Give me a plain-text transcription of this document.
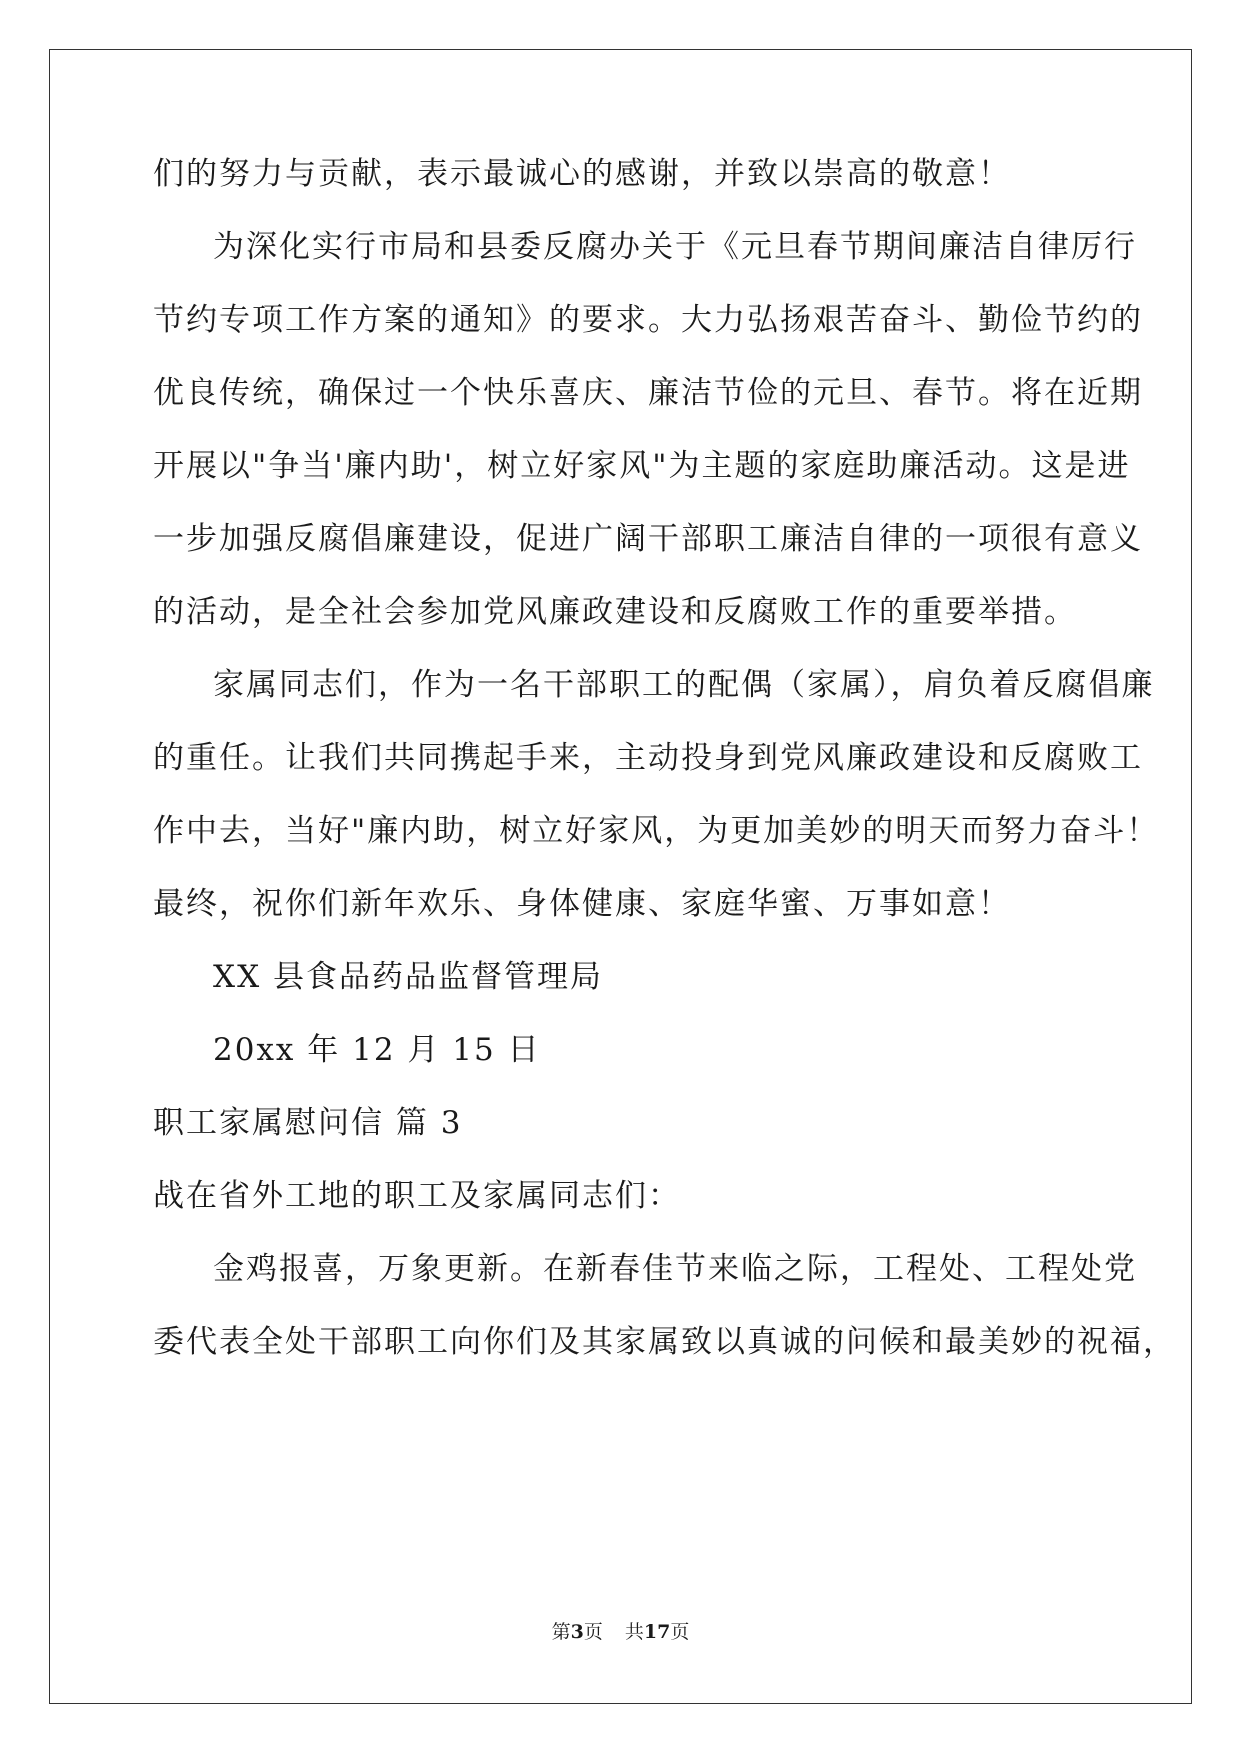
们的努力与贡献，表示最诚心的感谢，并致以崇高的敬意！
为深化实行市局和县委反腐办关于《元旦春节期间廉洁自律厉行
节约专项工作方案的通知》的要求。大力弘扬艰苦奋斗、勤俭节约的
优良传统，确保过一个快乐喜庆、廉洁节俭的元旦、春节。将在近期
开展以"争当'廉内助'，树立好家风"为主题的家庭助廉活动。这是进
一步加强反腐倡廉建设，促进广阔干部职工廉洁自律的一项很有意义
的活动，是全社会参加党风廉政建设和反腐败工作的重要举措。
家属同志们，作为一名干部职工的配偶（家属），肩负着反腐倡廉
的重任。让我们共同携起手来，主动投身到党风廉政建设和反腐败工
作中去，当好"廉内助，树立好家风，为更加美妙的明天而努力奋斗！
最终，祝你们新年欢乐、身体健康、家庭华蜜、万事如意！
XX 县食品药品监督管理局
20xx 年 12 月 15 日
职工家属慰问信 篇 3
战在省外工地的职工及家属同志们：
金鸡报喜，万象更新。在新春佳节来临之际，工程处、工程处党
委代表全处干部职工向你们及其家属致以真诚的问候和最美妙的祝福，
第3页 共17页
